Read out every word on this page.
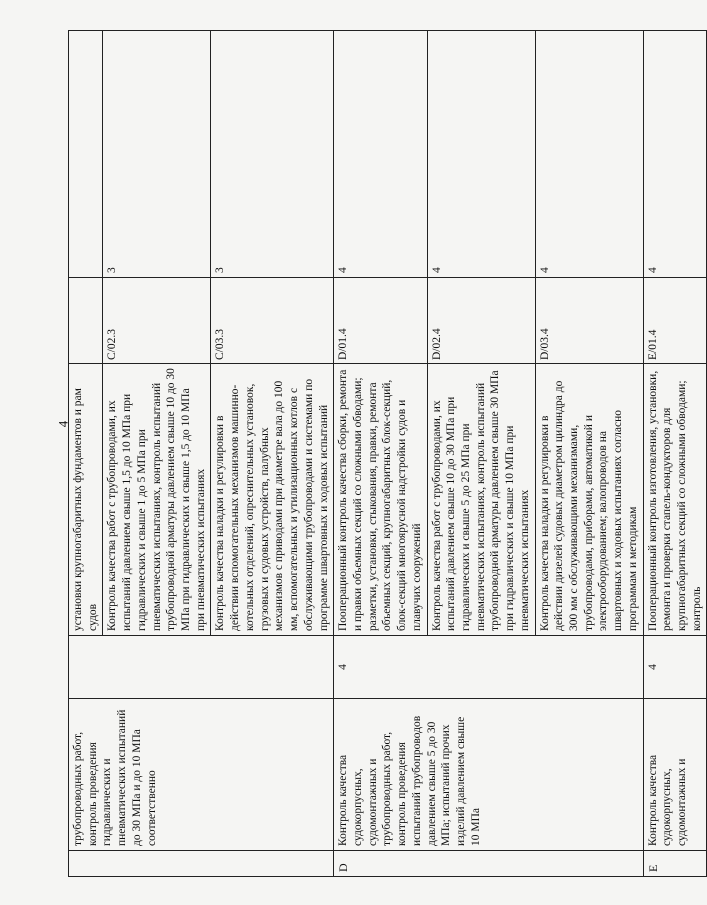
4
	трубопроводных работ, контроль проведения гидравлических и пневматических испытаний до 30 МПа и до 10 МПа соответственно		установки крупногабаритных фундаментов и рам судов		
			Контроль качества работ с трубопроводами, их испытаний давлением свыше 1,5 до 10 МПа при гидравлических и свыше 1 до 5 МПа при пневматических испытаниях, контроль испытаний трубопроводной арматуры давлением свыше 10 до 30 МПа при гидравлических и свыше 1,5 до 10 МПа при пневматических испытаниях	C/02.3	3
			Контроль качества наладки и регулировки в действии вспомогательных механизмов машинно-котельных отделений, опреснительных установок, грузовых и судовых устройств, палубных механизмов с приводами при диаметре вала до 100 мм, вспомогательных и утилизационных котлов с обслуживающими трубопроводами и системами по программе швартовных и ходовых испытаний	C/03.3	3
D	Контроль качества судокорпусных, судомонтажных и трубопроводных работ, контроль проведения испытаний трубопроводов давлением свыше 5 до 30 МПа; испытаний прочих изделий давлением свыше 10 МПа	4	Пооперационный контроль качества сборки, ремонта и правки объемных секций со сложными обводами; разметки, установки, стыкования, правки, ремонта объемных секций, крупногабаритных блок-секций, блок-секций многоярусной надстройки судов и плавучих сооружений	D/01.4	4
			Контроль качества работ с трубопроводами, их испытаний давлением свыше 10 до 30 МПа при гидравлических и свыше 5 до 25 МПа при пневматических испытаниях, контроль испытаний трубопроводной арматуры давлением свыше 30 МПа при гидравлических и свыше 10 МПа при пневматических испытаниях	D/02.4	4
			Контроль качества наладки и регулировки в действии дизелей судовых диаметром цилиндра до 300 мм с обслуживающими механизмами, трубопроводами, приборами, автоматикой и электрооборудованием; валопроводов на швартовных и ходовых испытаниях согласно программам и методикам	D/03.4	4
E	Контроль качества судокорпусных, судомонтажных и	4	Пооперационный контроль изготовления, установки, ремонта и проверки стапель-кондукторов для крупногабаритных секций со сложными обводами; контроль	E/01.4	4
